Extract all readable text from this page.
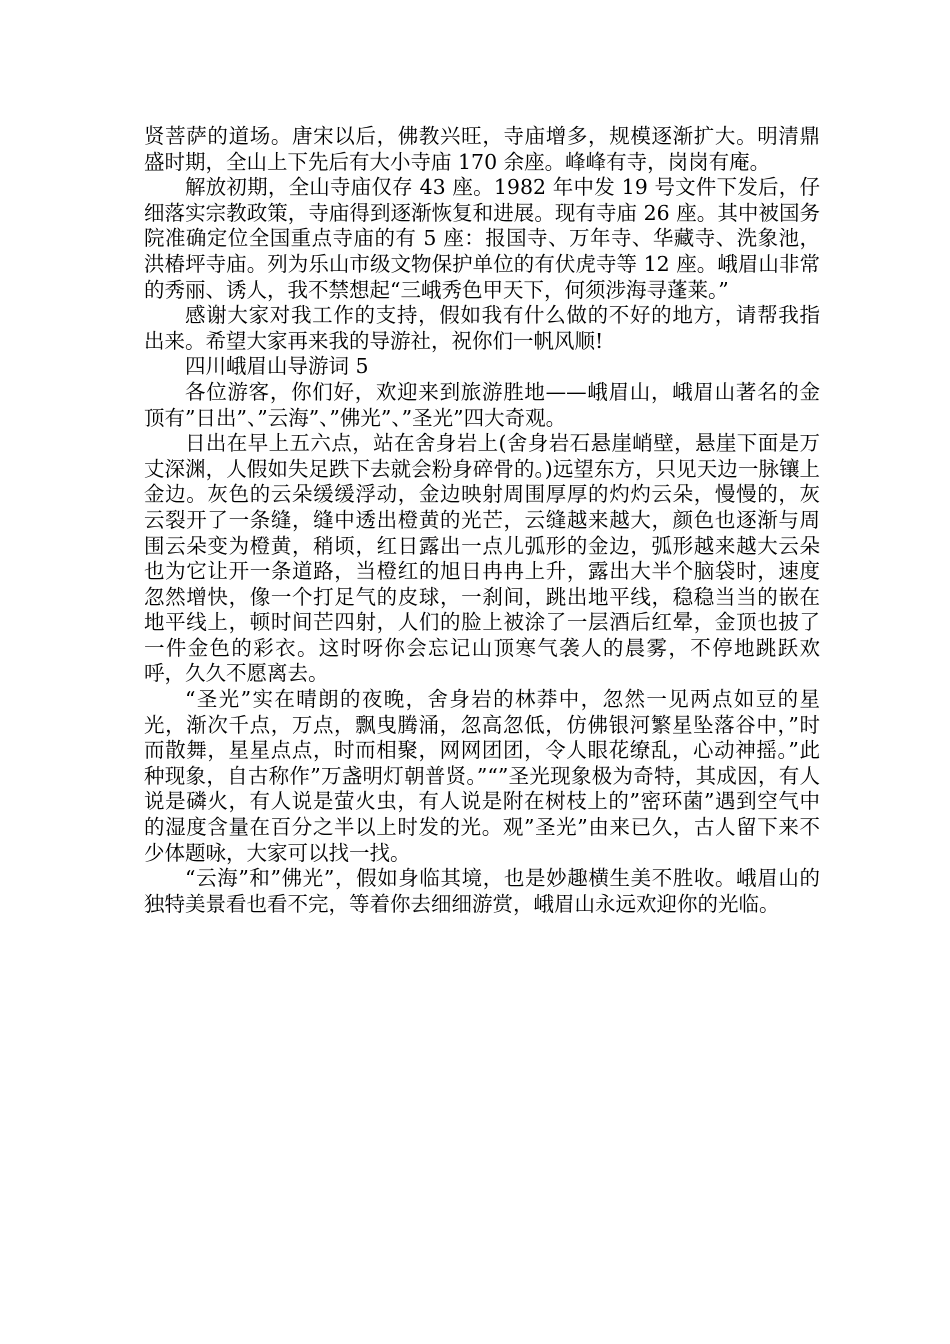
贤菩萨的道场。唐宋以后，佛教兴旺，寺庙增多，规模逐渐扩大。明清鼎盛时期，全山上下先后有大小寺庙 170 余座。峰峰有寺，岗岗有庵。

解放初期，全山寺庙仅存 43 座。1982 年中发 19 号文件下发后，仔细落实宗教政策，寺庙得到逐渐恢复和进展。现有寺庙 26 座。其中被国务院准确定位全国重点寺庙的有 5 座：报国寺、万年寺、华藏寺、洗象池，洪椿坪寺庙。列为乐山市级文物保护单位的有伏虎寺等 12 座。峨眉山非常的秀丽、诱人，我不禁想起“三峨秀色甲天下，何须涉海寻蓬莱。”

感谢大家对我工作的支持，假如我有什么做的不好的地方，请帮我指出来。希望大家再来我的导游社，祝你们一帆风顺!

四川峨眉山导游词 5

各位游客，你们好，欢迎来到旅游胜地——峨眉山，峨眉山著名的金顶有”日出”、”云海”、”佛光”、”圣光”四大奇观。

日出在早上五六点，站在舍身岩上(舍身岩石悬崖峭壁，悬崖下面是万丈深渊，人假如失足跌下去就会粉身碎骨的。)远望东方，只见天边一脉镶上金边。灰色的云朵缓缓浮动，金边映射周围厚厚的灼灼云朵，慢慢的，灰云裂开了一条缝，缝中透出橙黄的光芒，云缝越来越大，颜色也逐渐与周围云朵变为橙黄，稍顷，红日露出一点儿弧形的金边，弧形越来越大云朵也为它让开一条道路，当橙红的旭日冉冉上升，露出大半个脑袋时，速度忽然增快，像一个打足气的皮球，一刹间，跳出地平线，稳稳当当的嵌在地平线上，顿时间芒四射，人们的脸上被涂了一层酒后红晕，金顶也披了一件金色的彩衣。这时呀你会忘记山顶寒气袭人的晨雾，不停地跳跃欢呼，久久不愿离去。

“圣光”实在晴朗的夜晚，舍身岩的林莽中，忽然一见两点如豆的星光，渐次千点，万点，飘曳腾涌，忽高忽低，仿佛银河繁星坠落谷中，”时而散舞，星星点点，时而相聚，网网团团，令人眼花缭乱，心动神摇。”此种现象，自古称作”万盏明灯朝普贤。”“”圣光现象极为奇特，其成因，有人说是磷火，有人说是萤火虫，有人说是附在树枝上的”密环菌”遇到空气中的湿度含量在百分之半以上时发的光。观”圣光”由来已久，古人留下来不少体题咏，大家可以找一找。

“云海”和”佛光”，假如身临其境，也是妙趣横生美不胜收。峨眉山的独特美景看也看不完，等着你去细细游赏，峨眉山永远欢迎你的光临。
